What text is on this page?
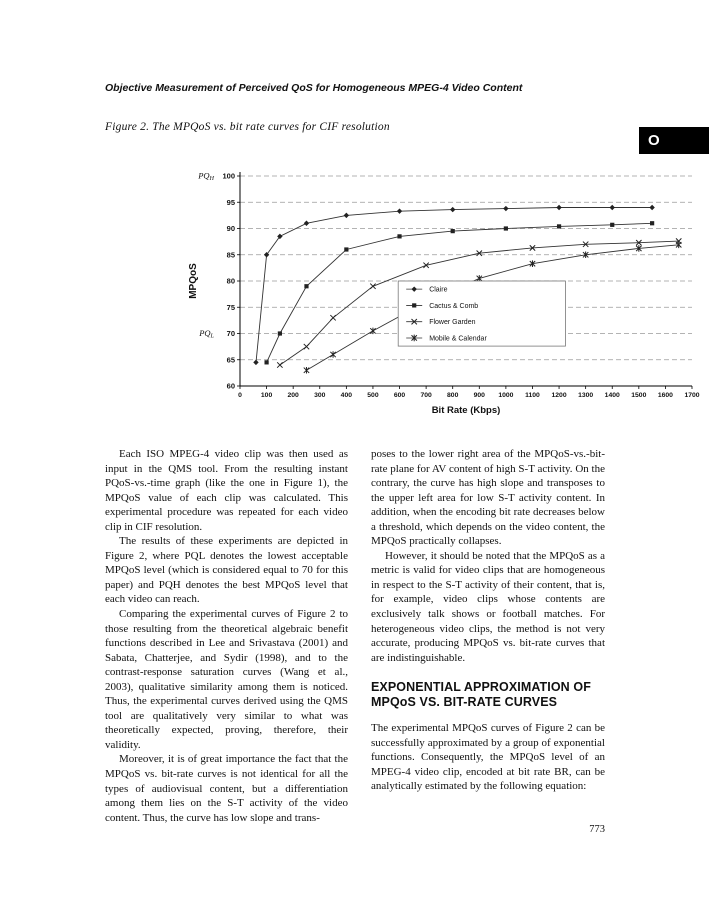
Objective Measurement of Perceived QoS for Homogeneous MPEG-4 Video Content
Figure 2. The MPQoS vs. bit rate curves for CIF resolution
O
60
65
70
75
80
85
90
95
100
0	100 200 300 400 500 600 700 800 900 1000 1100 1200 1300 1400 1500 1600 1700
PQH
PQL
Claire
Cactus & Comb
Flower Garden
Mobile & Calendar
Bit Rate (Kbps)
MPQoS

Each ISO MPEG-4 video clip was then used as input in the QMS tool. From the resulting instant PQoS-vs.-time graph (like the one in Figure 1), the MPQoS value of each clip was calculated. This experimental procedure was repeated for each video clip in CIF resolution.

The results of these experiments are depicted in Figure 2, where PQL denotes the lowest acceptable MPQoS level (which is considered equal to 70 for this paper) and PQH denotes the best MPQoS level that each video can reach.

Comparing the experimental curves of Figure 2 to those resulting from the theoretical algebraic benefit functions described in Lee and Srivastava (2001) and Sabata, Chatterjee, and Sydir (1998), and to the contrast-response saturation curves (Wang et al., 2003), qualitative similarity among them is noticed. Thus, the experimental curves derived using the QMS tool are qualitatively very similar to what was theoretically expected, proving, therefore, their validity.

Moreover, it is of great importance the fact that the MPQoS vs. bit-rate curves is not identical for all the types of audiovisual content, but a differentiation among them lies on the S-T activity of the video content. Thus, the curve has low slope and trans-

poses to the lower right area of the MPQoS-vs.-bit-rate plane for AV content of high S-T activity. On the contrary, the curve has high slope and transposes to the upper left area for low S-T activity content. In addition, when the encoding bit rate decreases below a threshold, which depends on the video content, the MPQoS practically collapses.

However, it should be noted that the MPQoS as a metric is valid for video clips that are homogeneous in respect to the S-T activity of their content, that is, for example, video clips whose contents are exclusively talk shows or football matches. For heterogeneous video clips, the method is not very accurate, producing MPQoS vs. bit-rate curves that are indistinguishable.

EXPONENTIAL APPROXIMATION OF MPQoS VS. BIT-RATE CURVES

The experimental MPQoS curves of Figure 2 can be successfully approximated by a group of exponential functions. Consequently, the MPQoS level of an MPEG-4 video clip, encoded at bit rate BR, can be analytically estimated by the following equation:

773
